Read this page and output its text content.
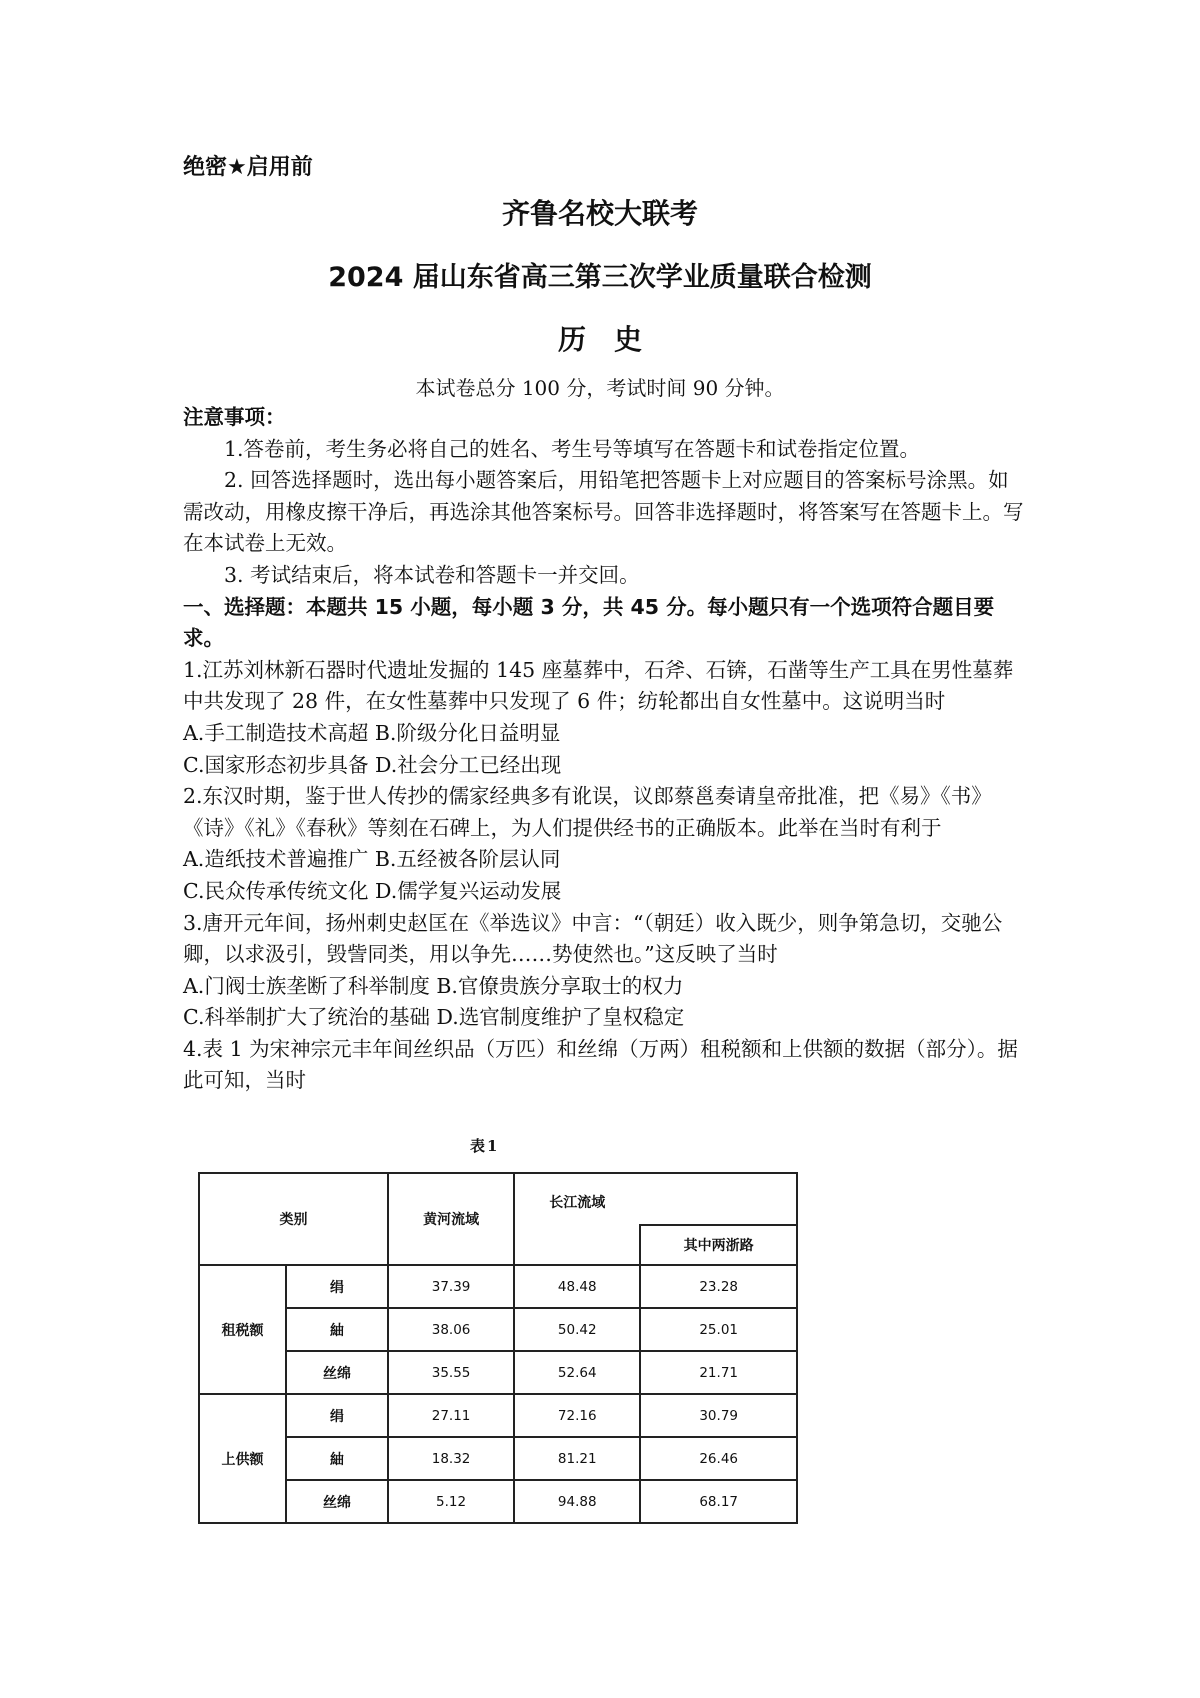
绝密★启用前
齐鲁名校大联考
2024 届山东省高三第三次学业质量联合检测
历史
本试卷总分 100 分，考试时间 90 分钟。

注意事项：

1.答卷前，考生务必将自己的姓名、考生号等填写在答题卡和试卷指定位置。

2. 回答选择题时，选出每小题答案后，用铅笔把答题卡上对应题目的答案标号涂黑。如需改动，用橡皮擦干净后，再选涂其他答案标号。回答非选择题时，将答案写在答题卡上。写在本试卷上无效。

3. 考试结束后，将本试卷和答题卡一并交回。

一、选择题：本题共 15 小题，每小题 3 分，共 45 分。每小题只有一个选项符合题目要求。

1.江苏刘林新石器时代遗址发掘的 145 座墓葬中，石斧、石锛，石凿等生产工具在男性墓葬中共发现了 28 件，在女性墓葬中只发现了 6 件；纺轮都出自女性墓中。这说明当时

A.手工制造技术高超 B.阶级分化日益明显

C.国家形态初步具备 D.社会分工已经出现

2.东汉时期，鉴于世人传抄的儒家经典多有讹误，议郎蔡邕奏请皇帝批准，把《易》《书》《诗》《礼》《春秋》等刻在石碑上，为人们提供经书的正确版本。此举在当时有利于

A.造纸技术普遍推广 B.五经被各阶层认同

C.民众传承传统文化 D.儒学复兴运动发展

3.唐开元年间，扬州刺史赵匡在《举选议》中言：“（朝廷）收入既少，则争第急切，交驰公卿，以求汲引，毁訾同类，用以争先……势使然也。”这反映了当时

A.门阀士族垄断了科举制度 B.官僚贵族分享取士的权力

C.科举制扩大了统治的基础 D.选官制度维护了皇权稳定

4.表 1 为宋神宗元丰年间丝织品（万匹）和丝绵（万两）租税额和上供额的数据（部分）。据此可知，当时

表1
类别		黄河流域	长江流域	
				其中两浙路
租税额	绢	37.39	48.48	23.28
	紬	38.06	50.42	25.01
	丝绵	35.55	52.64	21.71
上供额	绢	27.11	72.16	30.79
	紬	18.32	81.21	26.46
	丝绵	5.12	94.88	68.17
